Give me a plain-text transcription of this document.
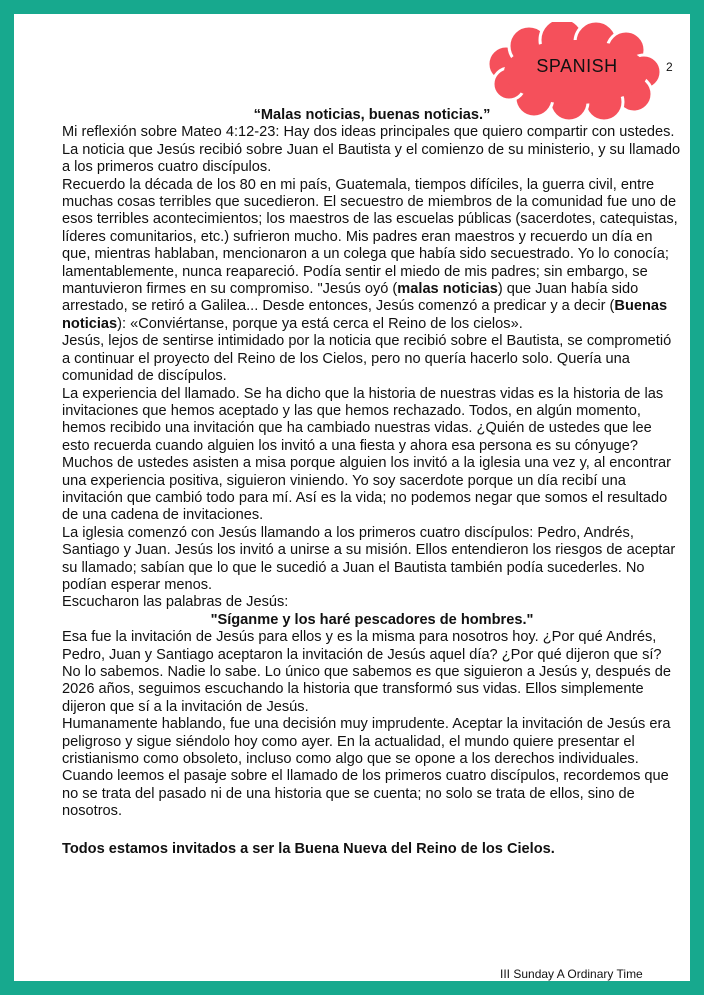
SPANISH	2

“Malas noticias, buenas noticias.”

Mi reflexión sobre Mateo 4:12-23: Hay dos ideas principales que quiero compartir con ustedes. La noticia que Jesús recibió sobre Juan el Bautista y el comienzo de su ministerio, y su llamado a los primeros cuatro discípulos.

Recuerdo la década de los 80 en mi país, Guatemala, tiempos difíciles, la guerra civil, entre muchas cosas terribles que sucedieron. El secuestro de miembros de la comunidad fue uno de esos terribles acontecimientos; los maestros de las escuelas públicas (sacerdotes, catequistas, líderes comunitarios, etc.) sufrieron mucho. Mis padres eran maestros y recuerdo un día en que, mientras hablaban, mencionaron a un colega que había sido secuestrado. Yo lo conocía; lamentablemente, nunca reapareció. Podía sentir el miedo de mis padres; sin embargo, se mantuvieron firmes en su compromiso. "Jesús oyó (malas noticias) que Juan había sido arrestado, se retiró a Galilea... Desde entonces, Jesús comenzó a predicar y a decir (Buenas noticias): «Conviértanse, porque ya está cerca el Reino de los cielos».

Jesús, lejos de sentirse intimidado por la noticia que recibió sobre el Bautista, se comprometió a continuar el proyecto del Reino de los Cielos, pero no quería hacerlo solo. Quería una comunidad de discípulos.

La experiencia del llamado. Se ha dicho que la historia de nuestras vidas es la historia de las invitaciones que hemos aceptado y las que hemos rechazado. Todos, en algún momento, hemos recibido una invitación que ha cambiado nuestras vidas. ¿Quién de ustedes que lee esto recuerda cuando alguien los invitó a una fiesta y ahora esa persona es su cónyuge? Muchos de ustedes asisten a misa porque alguien los invitó a la iglesia una vez y, al encontrar una experiencia positiva, siguieron viniendo. Yo soy sacerdote porque un día recibí una invitación que cambió todo para mí. Así es la vida; no podemos negar que somos el resultado de una cadena de invitaciones.

La iglesia comenzó con Jesús llamando a los primeros cuatro discípulos: Pedro, Andrés, Santiago y Juan. Jesús los invitó a unirse a su misión. Ellos entendieron los riesgos de aceptar su llamado; sabían que lo que le sucedió a Juan el Bautista también podía sucederles. No podían esperar menos.

Escucharon las palabras de Jesús:

"Síganme y los haré pescadores de hombres."

Esa fue la invitación de Jesús para ellos y es la misma para nosotros hoy. ¿Por qué Andrés, Pedro, Juan y Santiago aceptaron la invitación de Jesús aquel día? ¿Por qué dijeron que sí? No lo sabemos. Nadie lo sabe. Lo único que sabemos es que siguieron a Jesús y, después de 2026 años, seguimos escuchando la historia que transformó sus vidas. Ellos simplemente dijeron que sí a la invitación de Jesús.

Humanamente hablando, fue una decisión muy imprudente. Aceptar la invitación de Jesús era peligroso y sigue siéndolo hoy como ayer. En la actualidad, el mundo quiere presentar el cristianismo como obsoleto, incluso como algo que se opone a los derechos individuales. Cuando leemos el pasaje sobre el llamado de los primeros cuatro discípulos, recordemos que no se trata del pasado ni de una historia que se cuenta; no solo se trata de ellos, sino de nosotros.

Todos estamos invitados a ser la Buena Nueva del Reino de los Cielos.

III Sunday A Ordinary Time
